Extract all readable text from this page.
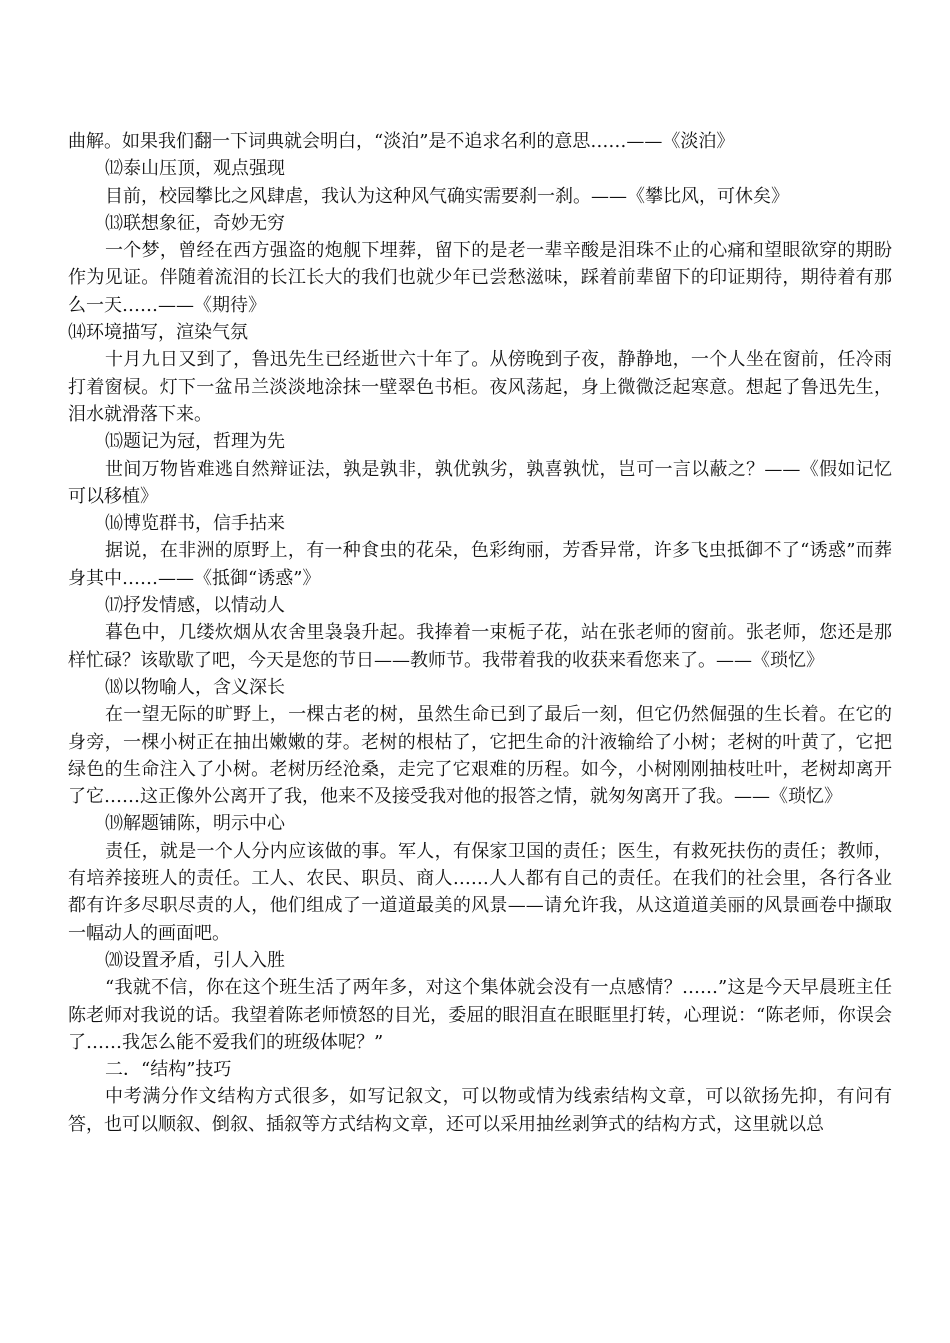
曲解。如果我们翻一下词典就会明白，“淡泊”是不追求名利的意思……——《淡泊》

⑿泰山压顶，观点强现

目前，校园攀比之风肆虐，我认为这种风气确实需要刹一刹。——《攀比风，可休矣》

⒀联想象征，奇妙无穷

一个梦，曾经在西方强盗的炮舰下埋葬，留下的是老一辈辛酸是泪珠不止的心痛和望眼欲穿的期盼作为见证。伴随着流泪的长江长大的我们也就少年已尝愁滋味，踩着前辈留下的印证期待，期待着有那么一天……——《期待》

⒁环境描写，渲染气氛

十月九日又到了，鲁迅先生已经逝世六十年了。从傍晚到子夜，静静地，一个人坐在窗前，任冷雨打着窗棂。灯下一盆吊兰淡淡地涂抹一壁翠色书柜。夜风荡起，身上微微泛起寒意。想起了鲁迅先生，泪水就滑落下来。

⒂题记为冠，哲理为先

世间万物皆难逃自然辩证法，孰是孰非，孰优孰劣，孰喜孰忧，岂可一言以蔽之？——《假如记忆可以移植》

⒃博览群书，信手拈来

据说，在非洲的原野上，有一种食虫的花朵，色彩绚丽，芳香异常，许多飞虫抵御不了“诱惑”而葬身其中……——《抵御“诱惑”》

⒄抒发情感，以情动人

暮色中，几缕炊烟从农舍里袅袅升起。我捧着一束栀子花，站在张老师的窗前。张老师，您还是那样忙碌？该歇歇了吧，今天是您的节日——教师节。我带着我的收获来看您来了。——《琐忆》

⒅以物喻人，含义深长

在一望无际的旷野上，一棵古老的树，虽然生命已到了最后一刻，但它仍然倔强的生长着。在它的身旁，一棵小树正在抽出嫩嫩的芽。老树的根枯了，它把生命的汁液输给了小树；老树的叶黄了，它把绿色的生命注入了小树。老树历经沧桑，走完了它艰难的历程。如今，小树刚刚抽枝吐叶，老树却离开了它……这正像外公离开了我，他来不及接受我对他的报答之情，就匆匆离开了我。——《琐忆》

⒆解题铺陈，明示中心

责任，就是一个人分内应该做的事。军人，有保家卫国的责任；医生，有救死扶伤的责任；教师，有培养接班人的责任。工人、农民、职员、商人……人人都有自己的责任。在我们的社会里，各行各业都有许多尽职尽责的人，他们组成了一道道最美的风景——请允许我，从这道道美丽的风景画卷中撷取一幅动人的画面吧。

⒇设置矛盾，引人入胜

“我就不信，你在这个班生活了两年多，对这个集体就会没有一点感情？……”这是今天早晨班主任陈老师对我说的话。我望着陈老师愤怒的目光，委屈的眼泪直在眼眶里打转，心理说：“陈老师，你误会了……我怎么能不爱我们的班级体呢？”

二．“结构”技巧

中考满分作文结构方式很多，如写记叙文，可以物或情为线索结构文章，可以欲扬先抑，有问有答，也可以顺叙、倒叙、插叙等方式结构文章，还可以采用抽丝剥笋式的结构方式，这里就以总
